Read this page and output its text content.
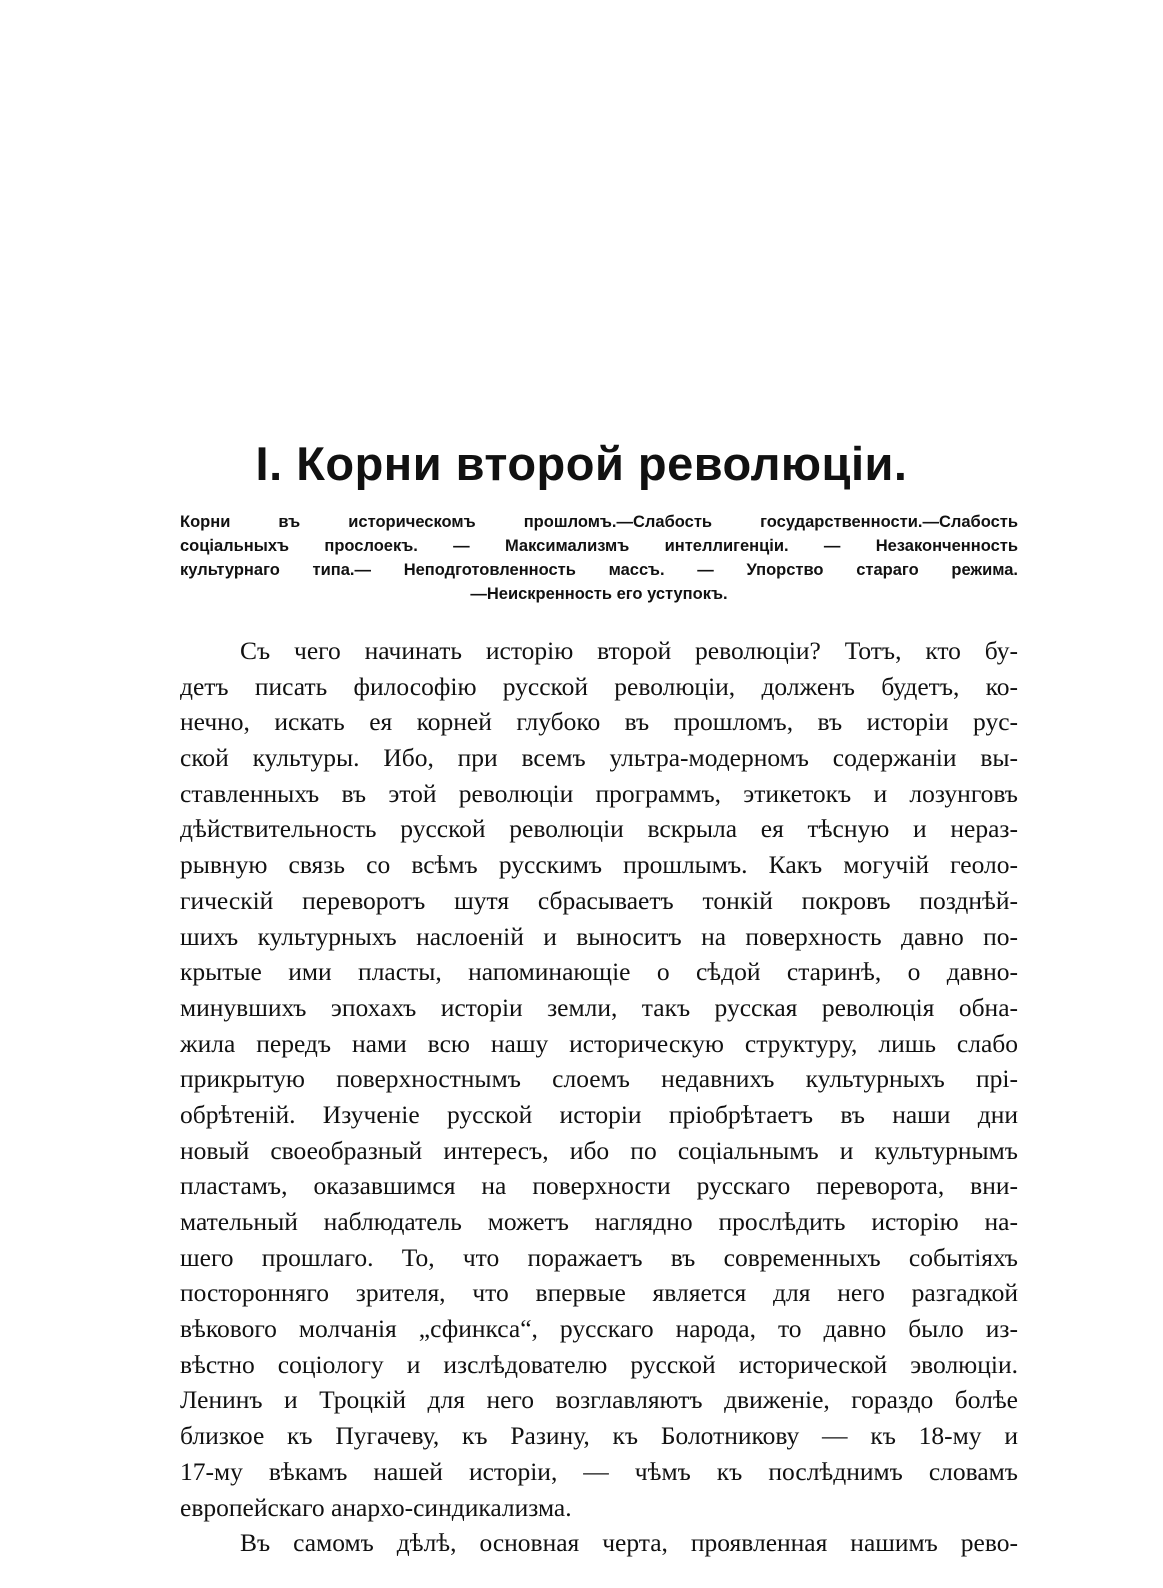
I. Корни второй революціи.
Корни въ историческомъ прошломъ.—Слабость государственности.—Слабость
соціальныхъ прослоекъ. — Максимализмъ интеллигенціи. — Незаконченность
культурнаго типа.— Неподготовленность массъ. — Упорство стараго режима.
—Неискренность его уступокъ.
Съ чего начинать исторію второй революціи? Тотъ, кто бу-
детъ писать философію русской революціи, долженъ будетъ, ко-
нечно, искать ея корней глубоко въ прошломъ, въ исторіи рус-
ской культуры. Ибо, при всемъ ультра-модерномъ содержаніи вы-
ставленныхъ въ этой революціи программъ, этикетокъ и лозунговъ
дѣйствительность русской революціи вскрыла ея тѣсную и нераз-
рывную связь со всѣмъ русскимъ прошлымъ. Какъ могучій геоло-
гическій переворотъ шутя сбрасываетъ тонкій покровъ позднѣй-
шихъ культурныхъ наслоеній и выноситъ на поверхность давно по-
крытые ими пласты, напоминающіе о сѣдой старинѣ, о давно-
минувшихъ эпохахъ исторіи земли, такъ русская революція обна-
жила передъ нами всю нашу историческую структуру, лишь слабо
прикрытую поверхностнымъ слоемъ недавнихъ культурныхъ прі-
обрѣтеній. Изученіе русской исторіи пріобрѣтаетъ въ наши дни
новый своеобразный интересъ, ибо по соціальнымъ и культурнымъ
пластамъ, оказавшимся на поверхности русскаго переворота, вни-
мательный наблюдатель можетъ наглядно прослѣдить исторію на-
шего прошлаго. То, что поражаетъ въ современныхъ событіяхъ
посторонняго зрителя, что впервые является для него разгадкой
вѣкового молчанія „сфинкса“, русскаго народа, то давно было из-
вѣстно соціологу и изслѣдователю русской исторической эволюціи.
Ленинъ и Троцкій для него возглавляютъ движеніе, гораздо болѣе
близкое къ Пугачеву, къ Разину, къ Болотникову — къ 18-му и
17-му вѣкамъ нашей исторіи, — чѣмъ къ послѣднимъ словамъ
европейскаго анархо-синдикализма.
Въ самомъ дѣлѣ, основная черта, проявленная нашимъ рево-
